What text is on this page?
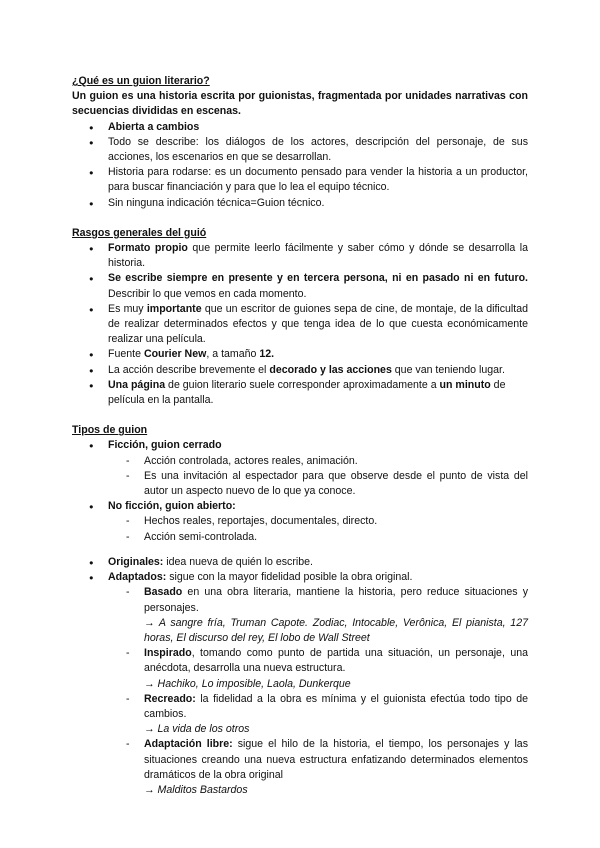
¿Qué es un guion literario?
Un guion es una historia escrita por guionistas, fragmentada por unidades narrativas con secuencias divididas en escenas.
● Abierta a cambios
● Todo se describe: los diálogos de los actores, descripción del personaje, de sus acciones, los escenarios en que se desarrollan.
● Historia para rodarse: es un documento pensado para vender la historia a un productor, para buscar financiación y para que lo lea el equipo técnico.
● Sin ninguna indicación técnica=Guion técnico.
Rasgos generales del guió
● Formato propio que permite leerlo fácilmente y saber cómo y dónde se desarrolla la historia.
● Se escribe siempre en presente y en tercera persona, ni en pasado ni en futuro. Describir lo que vemos en cada momento.
● Es muy importante que un escritor de guiones sepa de cine, de montaje, de la dificultad de realizar determinados efectos y que tenga idea de lo que cuesta económicamente realizar una película.
● Fuente Courier New, a tamaño 12.
● La acción describe brevemente el decorado y las acciones que van teniendo lugar.
● Una página de guion literario suele corresponder aproximadamente a un minuto de película en la pantalla.
Tipos de guion
● Ficción, guion cerrado
- Acción controlada, actores reales, animación.
- Es una invitación al espectador para que observe desde el punto de vista del autor un aspecto nuevo de lo que ya conoce.
● No ficción, guion abierto:
- Hechos reales, reportajes, documentales, directo.
- Acción semi-controlada.
● Originales: idea nueva de quién lo escribe.
● Adaptados: sigue con la mayor fidelidad posible la obra original.
- Basado en una obra literaria, mantiene la historia, pero reduce situaciones y personajes.
→ A sangre fría, Truman Capote. Zodiac, Intocable, Verônica, El pianista, 127 horas, El discurso del rey, El lobo de Wall Street
- Inspirado, tomando como punto de partida una situación, un personaje, una anécdota, desarrolla una nueva estructura.
→ Hachiko, Lo imposible, Laola, Dunkerque
- Recreado: la fidelidad a la obra es mínima y el guionista efectúa todo tipo de cambios.
→ La vida de los otros
- Adaptación libre: sigue el hilo de la historia, el tiempo, los personajes y las situaciones creando una nueva estructura enfatizando determinados elementos dramáticos de la obra original
→ Malditos Bastardos
